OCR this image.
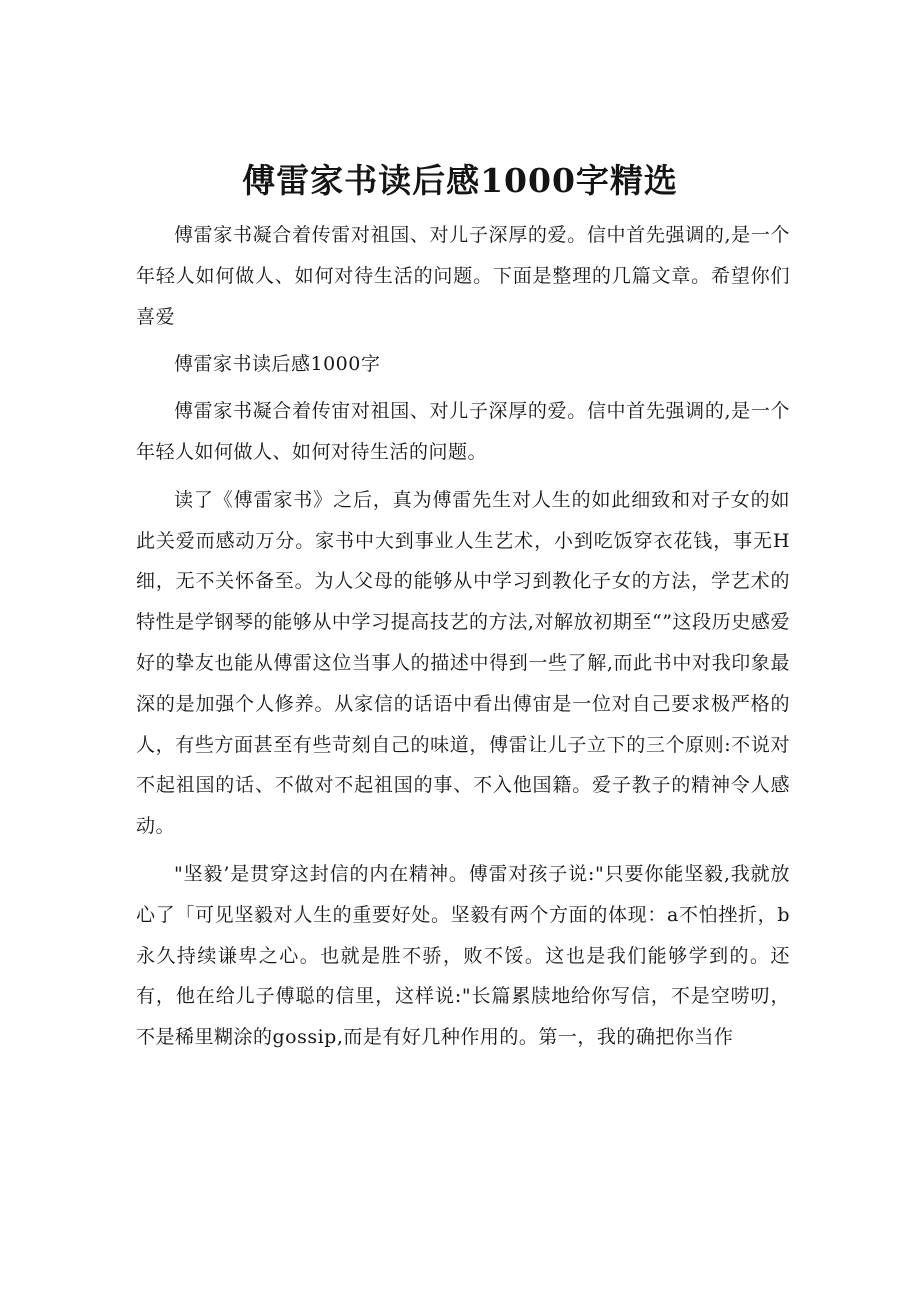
傅雷家书读后感1000字精选

傅雷家书凝合着传雷对祖国、对儿子深厚的爱。信中首先强调的,是一个年轻人如何做人、如何对待生活的问题。下面是整理的几篇文章。希望你们喜爱

傅雷家书读后感1000字

傅雷家书凝合着传宙对祖国、对儿子深厚的爱。信中首先强调的,是一个年轻人如何做人、如何对待生活的问题。

读了《傅雷家书》之后，真为傅雷先生对人生的如此细致和对子女的如此关爱而感动万分。家书中大到事业人生艺术，小到吃饭穿衣花钱，事无H细，无不关怀备至。为人父母的能够从中学习到教化子女的方法，学艺术的特性是学钢琴的能够从中学习提高技艺的方法,对解放初期至“”这段历史感爱好的挚友也能从傅雷这位当事人的描述中得到一些了解,而此书中对我印象最深的是加强个人修养。从家信的话语中看出傅宙是一位对自己要求极严格的人，有些方面甚至有些苛刻自己的味道，傅雷让儿子立下的三个原则:不说对不起祖国的话、不做对不起祖国的事、不入他国籍。爱子教子的精神令人感动。

"坚毅’是贯穿这封信的内在精神。傅雷对孩子说:"只要你能坚毅,我就放心了「可见坚毅对人生的重要好处。坚毅有两个方面的体现：a不怕挫折，b永久持续谦卑之心。也就是胜不骄，败不馁。这也是我们能够学到的。还有，他在给儿子傅聪的信里，这样说:"长篇累牍地给你写信，不是空唠叨，不是稀里糊涂的gossip,而是有好几种作用的。第一，我的确把你当作
